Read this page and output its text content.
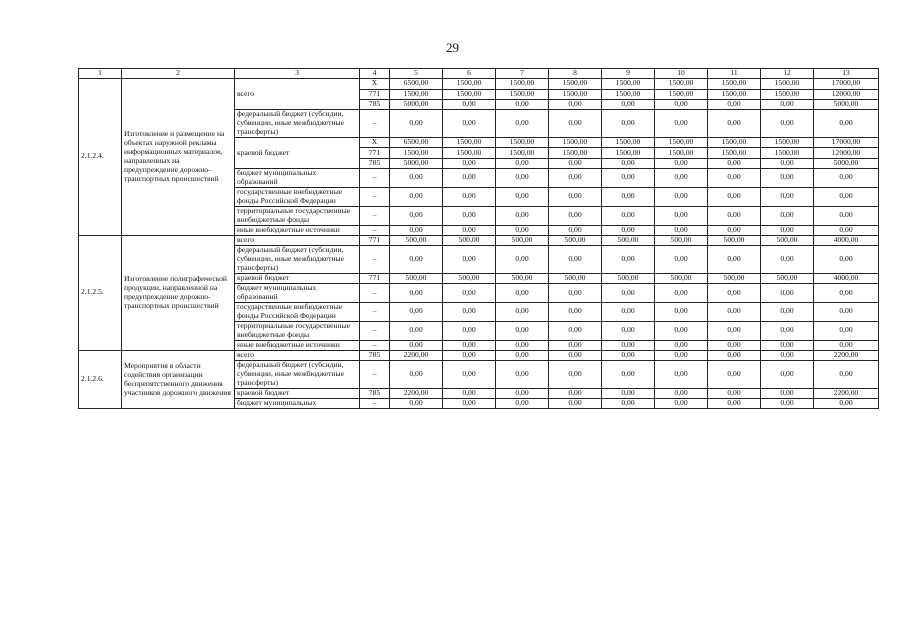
29
1	2	3	4	5	6	7	8	9	10	11	12	13
2.1.2.4.	Изготовление и размещение на объектах наружной рекламы информационных материалов, направленных на предупреждение дорожно-транспортных происшествий	всего	Х	6500,00	1500,00	1500,00	1500,00	1500,00	1500,00	1500,00	1500,00	17000,00
			771	1500,00	1500,00	1500,00	1500,00	1500,00	1500,00	1500,00	1500,00	12000,00
			785	5000,00	0,00	0,00	0,00	0,00	0,00	0,00	0,00	5000,00
		федеральный бюджет (субсидии, субвенции, иные межбюджетные трансферты)	–	0,00	0,00	0,00	0,00	0,00	0,00	0,00	0,00	0,00
		краевой бюджет	Х	6500,00	1500,00	1500,00	1500,00	1500,00	1500,00	1500,00	1500,00	17000,00
			771	1500,00	1500,00	1500,00	1500,00	1500,00	1500,00	1500,00	1500,00	12000,00
			785	5000,00	0,00	0,00	0,00	0,00	0,00	0,00	0,00	5000,00
		бюджет муниципальных образований	–	0,00	0,00	0,00	0,00	0,00	0,00	0,00	0,00	0,00
		государственные внебюджетные фонды Российской Федерации	–	0,00	0,00	0,00	0,00	0,00	0,00	0,00	0,00	0,00
		территориальные государственные внебюджетные фонды	–	0,00	0,00	0,00	0,00	0,00	0,00	0,00	0,00	0,00
		иные внебюджетные источники	–	0,00	0,00	0,00	0,00	0,00	0,00	0,00	0,00	0,00
2.1.2.5.	Изготовление полиграфической продукции, направленной на предупреждение дорожно-транспортных происшествий	всего	771	500,00	500,00	500,00	500,00	500,00	500,00	500,00	500,00	4000,00
		федеральный бюджет (субсидии, субвенции, иные межбюджетные трансферты)	–	0,00	0,00	0,00	0,00	0,00	0,00	0,00	0,00	0,00
		краевой бюджет	771	500,00	500,00	500,00	500,00	500,00	500,00	500,00	500,00	4000,00
		бюджет муниципальных образований	–	0,00	0,00	0,00	0,00	0,00	0,00	0,00	0,00	0,00
		государственные внебюджетные фонды Российской Федерации	–	0,00	0,00	0,00	0,00	0,00	0,00	0,00	0,00	0,00
		территориальные государственные внебюджетные фонды	–	0,00	0,00	0,00	0,00	0,00	0,00	0,00	0,00	0,00
		иные внебюджетные источники	–	0,00	0,00	0,00	0,00	0,00	0,00	0,00	0,00	0,00
2.1.2.6.	Мероприятия в области содействия организации беспрепятственного движения участников дорожного движения	всего	785	2200,00	0,00	0,00	0,00	0,00	0,00	0,00	0,00	2200,00
		федеральный бюджет (субсидии, субвенции, иные межбюджетные трансферты)	–	0,00	0,00	0,00	0,00	0,00	0,00	0,00	0,00	0,00
		краевой бюджет	785	2200,00	0,00	0,00	0,00	0,00	0,00	0,00	0,00	2200,00
		бюджет муниципальных	–	0,00	0,00	0,00	0,00	0,00	0,00	0,00	0,00	0,00
